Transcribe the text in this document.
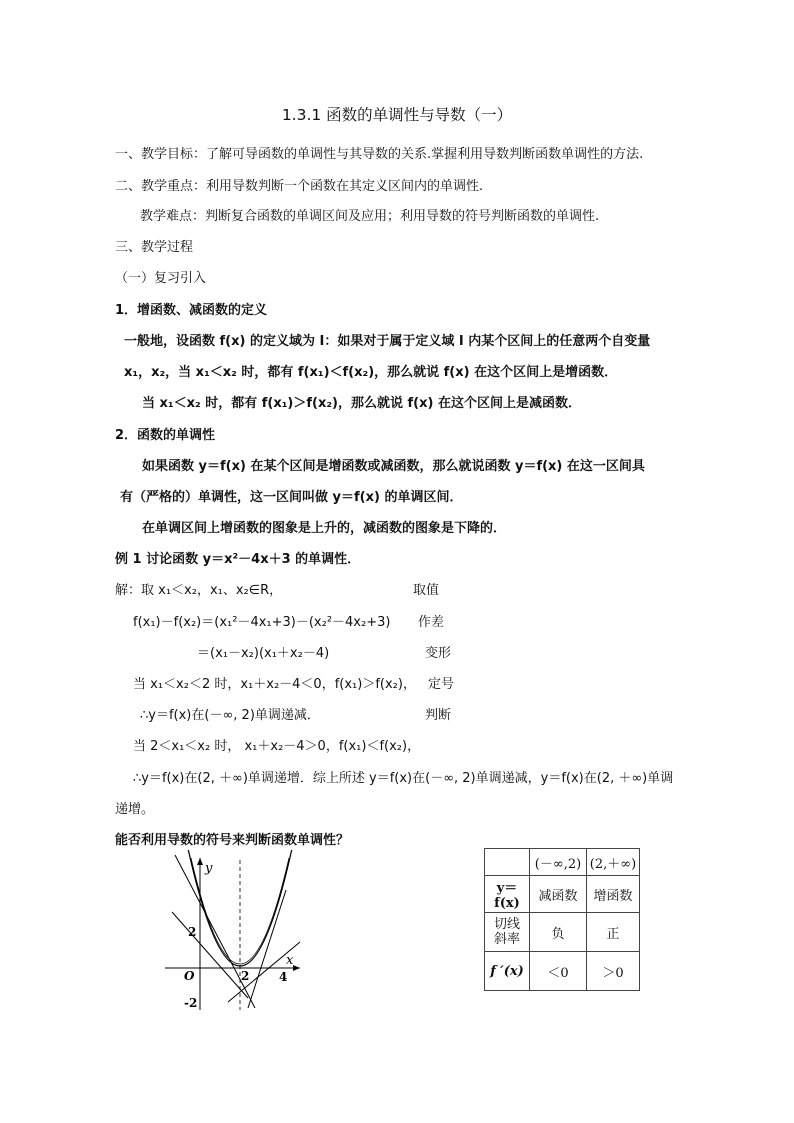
1.3.1 函数的单调性与导数（一）
一、教学目标：了解可导函数的单调性与其导数的关系.掌握利用导数判断函数单调性的方法.
二、教学重点：利用导数判断一个函数在其定义区间内的单调性.
教学难点：判断复合函数的单调区间及应用；利用导数的符号判断函数的单调性.
三、教学过程
（一）复习引入
1．增函数、减函数的定义
一般地，设函数 f(x) 的定义域为 I：如果对于属于定义域 I 内某个区间上的任意两个自变量
x₁，x₂，当 x₁＜x₂ 时，都有 f(x₁)＜f(x₂)，那么就说 f(x) 在这个区间上是增函数．
当 x₁＜x₂ 时，都有 f(x₁)＞f(x₂)，那么就说 f(x) 在这个区间上是减函数．
2．函数的单调性
如果函数 y＝f(x) 在某个区间是增函数或减函数，那么就说函数 y＝f(x) 在这一区间具
有（严格的）单调性，这一区间叫做 y＝f(x) 的单调区间．
在单调区间上增函数的图象是上升的，减函数的图象是下降的．
例 1 讨论函数 y＝x²－4x＋3 的单调性．
解：取 x₁＜x₂，x₁、x₂∈R，	取值
f(x₁)－f(x₂)＝(x₁²－4x₁+3)－(x₂²－4x₂+3) 作差
＝(x₁－x₂)(x₁＋x₂－4)	变形
当 x₁＜x₂＜2 时，x₁＋x₂－4＜0，f(x₁)＞f(x₂)， 定号
∴y＝f(x)在(－∞, 2)单调递减．	判断
当 2＜x₁＜x₂ 时， x₁＋x₂－4＞0，f(x₁)＜f(x₂)，
∴y＝f(x)在(2, ＋∞)单调递增．综上所述 y＝f(x)在(－∞, 2)单调递减，y＝f(x)在(2, ＋∞)单调
递增。
能否利用导数的符号来判断函数单调性？
y
x
O	2 4
2
-2
	(－∞,2)	(2,＋∞)
y＝f(x)	减函数	增函数
切线斜率	负	正
f ′(x)	＜0	＞0
